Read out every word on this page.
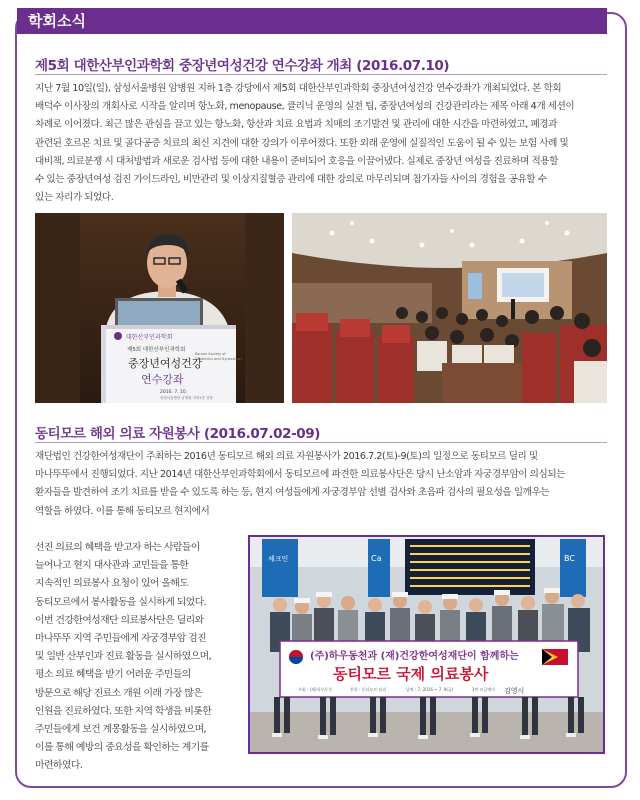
학회소식
제5회 대한산부인과학회 중장년여성건강 연수강좌 개최 (2016.07.10)
지난 7월 10일(일), 삼성서울병원 암병원 지하 1층 강당에서 제5회 대한산부인과학회 중장년여성건강 연수강좌가 개최되었다. 본 학회
배덕수 이사장의 개회사로 시작을 알리며 항노화, menopause, 클리닉 운영의 실전 팁, 중장년여성의 건강관리라는 제목 아래 4개 세션이
차례로 이어졌다. 최근 많은 관심을 끌고 있는 항노화, 항산과 치료 요법과 치매의 조기발견 및 관리에 대한 시간을 마련하였고, 폐경과
관련된 호르몬 치료 및 골다공증 치료의 최신 지견에 대한 강의가 이루어졌다. 또한 외래 운영에 실질적인 도움이 될 수 있는 보험 사례 및
대비책, 의료분쟁 시 대처방법과 새로운 검사법 등에 대한 내용이 준비되어 호응을 이끌어냈다. 실제로 중장년 여성을 진료하며 적용할
수 있는 중장년여성 검진 가이드라인, 비만관리 및 이상지질혈증 관리에 대한 강의로 마무리되며 참가자들 사이의 경험을 공유할 수
있는 자리가 되었다.
대한산부인과학회
제5회 대한산부인과학회
중장년여성건강
연수강좌
Korean Society of
Obstetrics and Gynecology
2016. 7. 10.
삼성서울병원 암병원 지하1층 강당
동티모르 해외 의료 자원봉사 (2016.07.02-09)
재단법인 건강한여성재단이 주최하는 2016년 동티모르 해외 의료 자원봉사가 2016.7.2(토)-9(토)의 일정으로 동티모르 딜리 및
마나뚜뚜에서 진행되었다. 지난 2014년 대한산부인과학회에서 동티모르에 파견한 의료봉사단은 당시 난소암과 자궁경부암이 의심되는
환자들을 발견하여 조기 치료를 받을 수 있도록 하는 등, 현지 여성들에게 자궁경부암 선별 검사와 초음파 검사의 필요성을 일깨우는
역할을 하였다. 이를 통해 동티모르 현지에서
선진 의료의 혜택을 받고자 하는 사람들이
늘어나고 현지 대사관과 교민들을 통한
지속적인 의료봉사 요청이 있어 올해도
동티모르에서 봉사활동을 실시하게 되었다.
이번 건강한여성재단 의료봉사단은 딜리와
마나뚜뚜 지역 주민들에게 자궁경부암 검진
및 일반 산부인과 진료 활동을 실시하였으며,
평소 의료 혜택을 받기 어려운 주민들의
방문으로 해당 진료소 개원 이래 가장 많은
인원을 진료하였다. 또한 지역 학생을 비롯한
주민들에게 보건 계몽활동을 실시하였으며,
이를 통해 예방의 중요성을 확인하는 계기를
마련하였다.
체크인	Ca	BC
(주)하우동천과 (재)건강한여성재단이 함께하는
동티모르 국제 의료봉사
주최 : (재)하우동천	후원 : 동티모르 딜리	날짜 : 7. 2016 ~ 7. 9(금)	1만 모금액이 김영시
